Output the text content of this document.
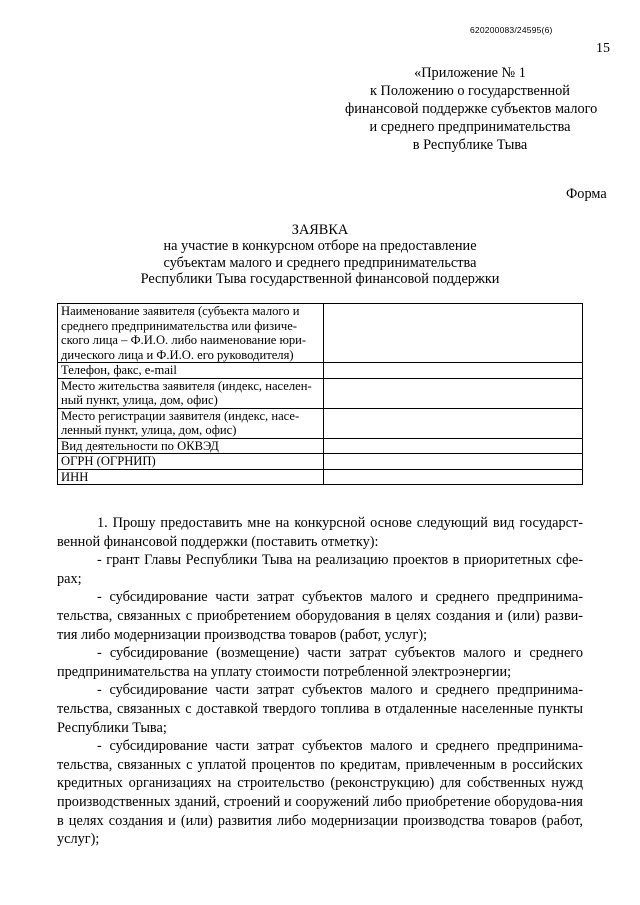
620200083/24595(6)
15
«Приложение № 1
к Положению о государственной
финансовой поддержке субъектов малого
и среднего предпринимательства
в Республике Тыва
Форма
ЗАЯВКА
на участие в конкурсном отборе на предоставление
субъектам малого и среднего предпринимательства
Республики Тыва государственной финансовой поддержки
Наименование заявителя (субъекта малого и
среднего предпринимательства или физиче-
ского лица – Ф.И.О. либо наименование юри-
дического лица и Ф.И.О. его руководителя)	

Телефон, факс, e-mail	

Место жительства заявителя (индекс, населен-
ный пункт, улица, дом, офис)	

Место регистрации заявителя (индекс, насе-
ленный пункт, улица, дом, офис)	

Вид деятельности по ОКВЭД	

ОГРН (ОГРНИП)	

ИНН	

1. Прошу предоставить мне на конкурсной основе следующий вид государст-венной финансовой поддержки (поставить отметку):

- грант Главы Республики Тыва на реализацию проектов в приоритетных сфе-рах;

- субсидирование части затрат субъектов малого и среднего предпринима-тельства, связанных с приобретением оборудования в целях создания и (или) разви-тия либо модернизации производства товаров (работ, услуг);

- субсидирование (возмещение) части затрат субъектов малого и среднего предпринимательства на уплату стоимости потребленной электроэнергии;

- субсидирование части затрат субъектов малого и среднего предпринима-тельства, связанных с доставкой твердого топлива в отдаленные населенные пункты Республики Тыва;

- субсидирование части затрат субъектов малого и среднего предпринима-тельства, связанных с уплатой процентов по кредитам, привлеченным в российских кредитных организациях на строительство (реконструкцию) для собственных нужд производственных зданий, строений и сооружений либо приобретение оборудова-ния в целях создания и (или) развития либо модернизации производства товаров (работ, услуг);
